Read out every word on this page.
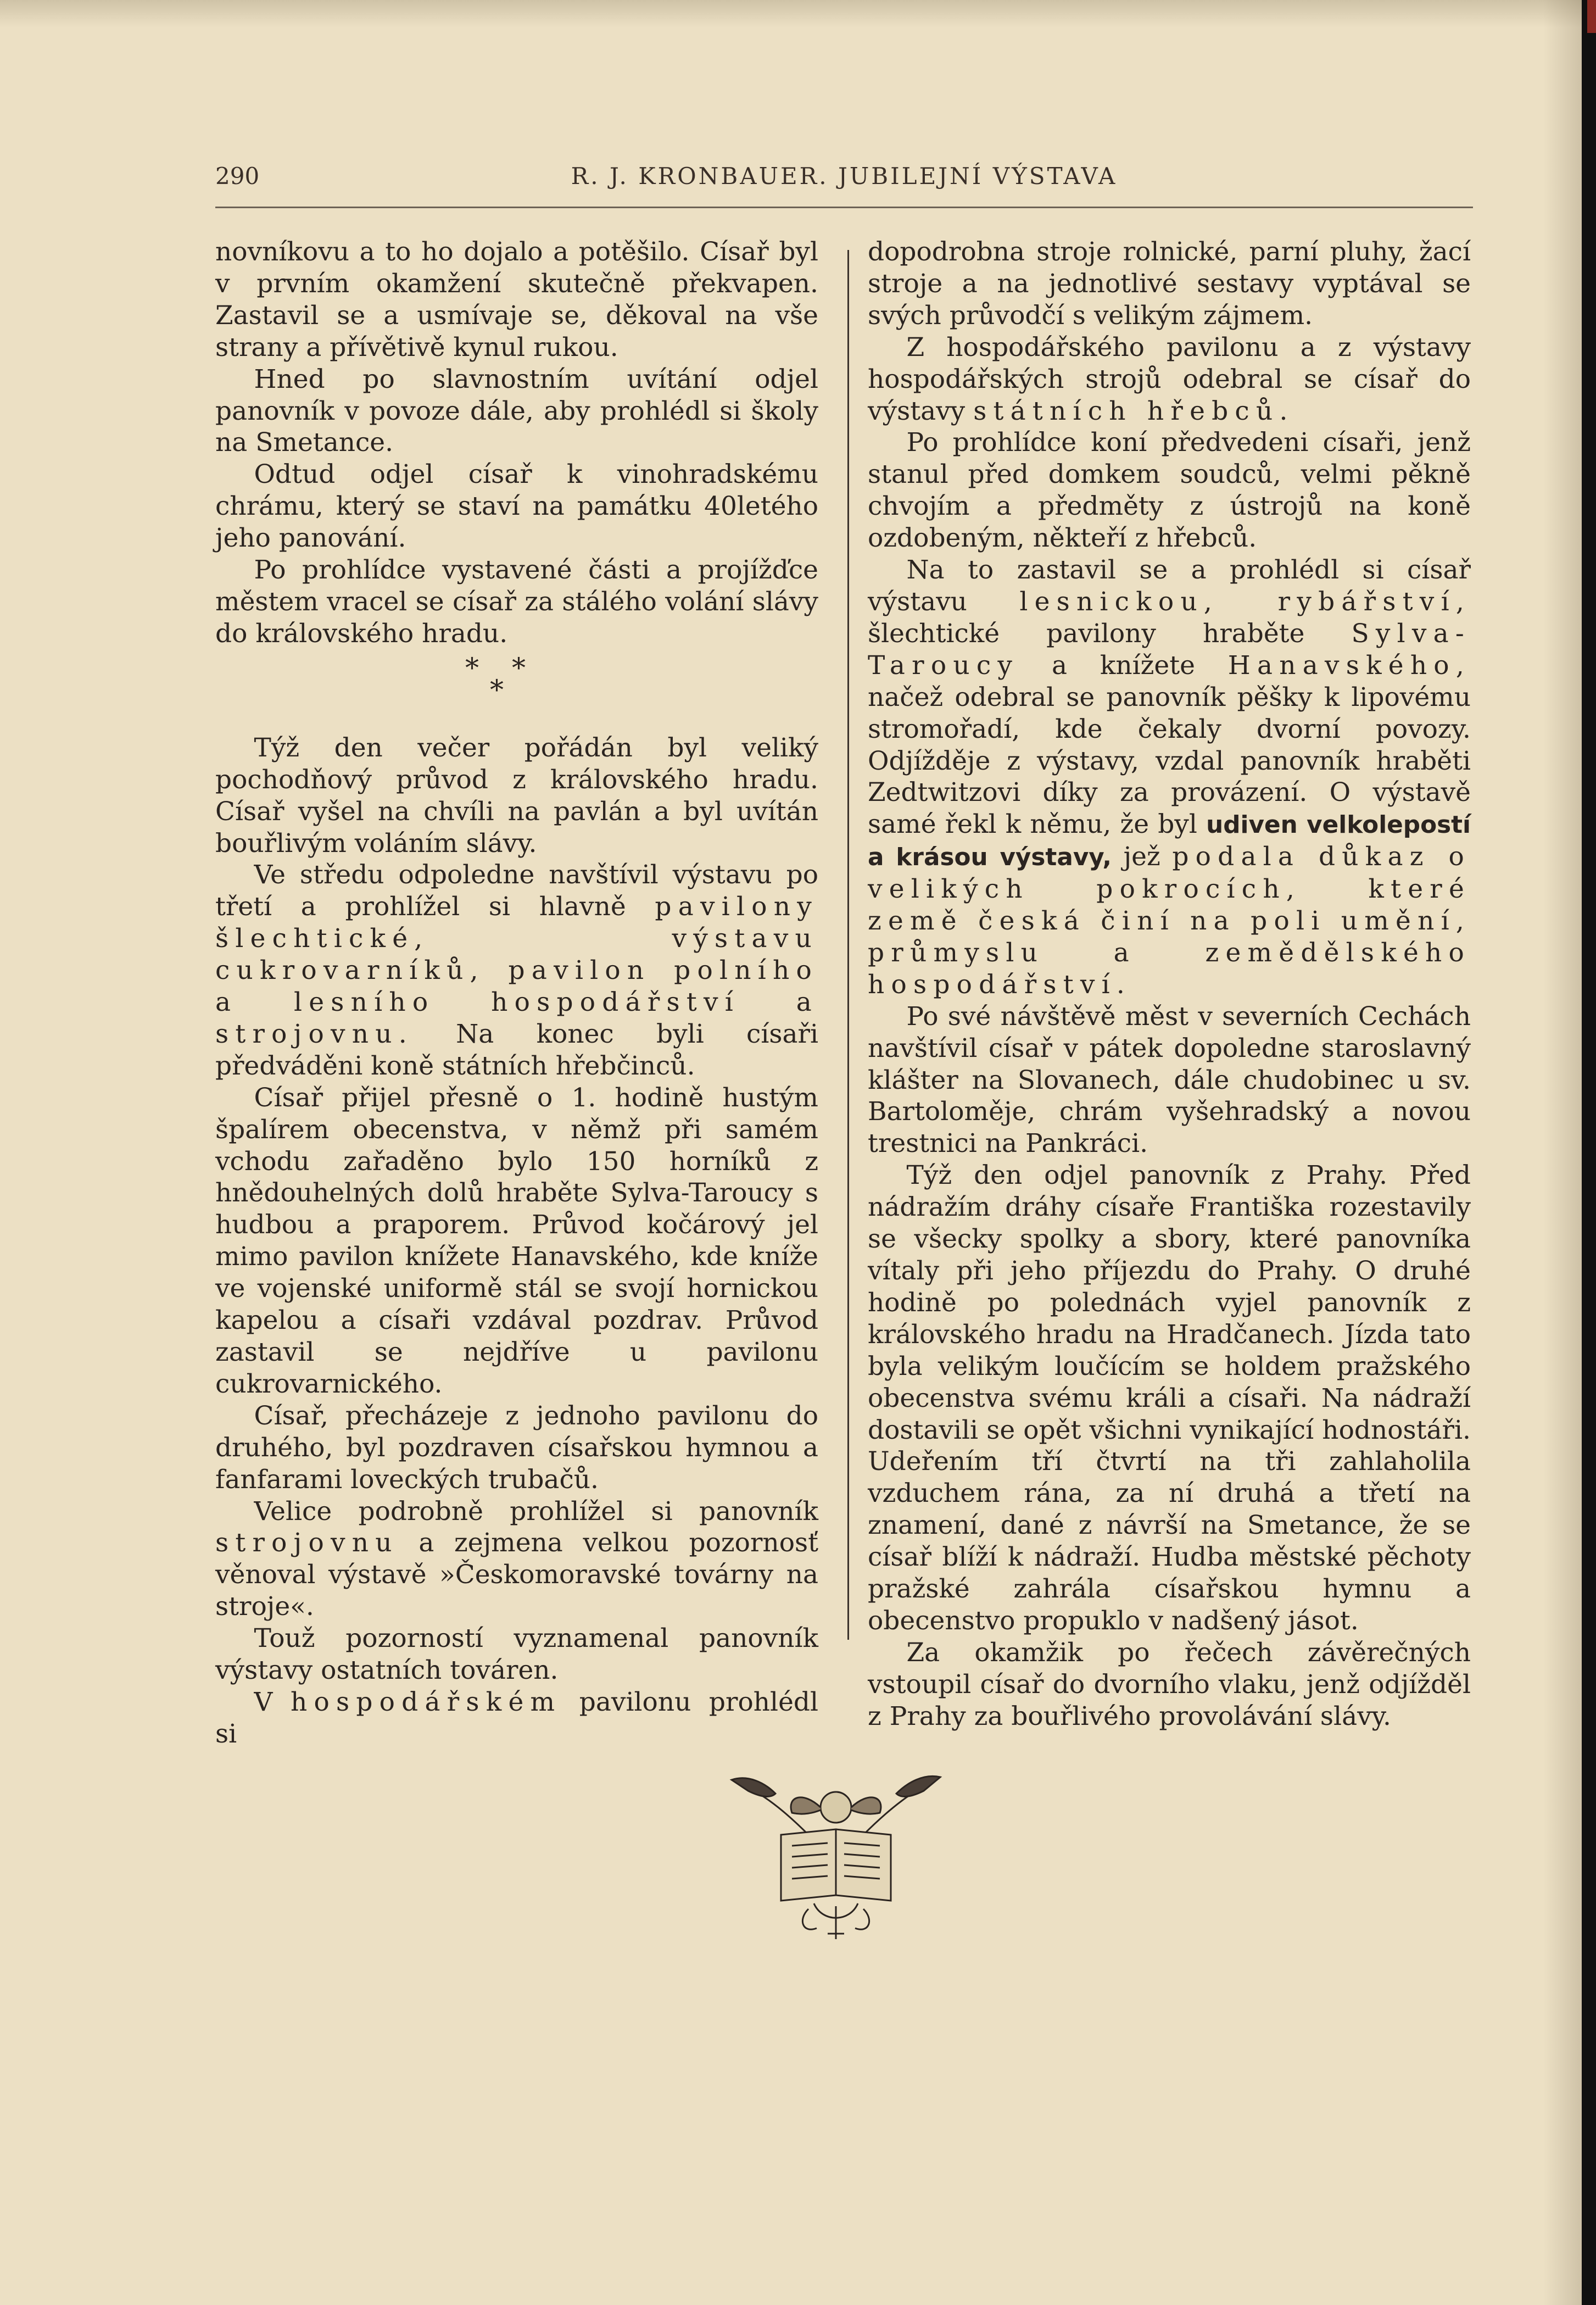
290	R. J. KRONBAUER. JUBILEJNÍ VÝSTAVA

novníkovu a to ho dojalo a potěšilo. Císař byl v prvním okamžení skutečně překvapen. Zastavil se a usmívaje se, děkoval na vše strany a přívětivě kynul rukou.

Hned po slavnostním uvítání odjel panovník v povoze dále, aby prohlédl si školy na Smetance.

Odtud odjel císař k vinohradskému chrámu, který se staví na památku 40letého jeho panování.

Po prohlídce vystavené části a projížďce městem vracel se císař za stálého volání slávy do královského hradu.

* *
*

Týž den večer pořádán byl veliký pochodňový průvod z královského hradu. Císař vyšel na chvíli na pavlán a byl uvítán bouřlivým voláním slávy.

Ve středu odpoledne navštívil výstavu po třetí a prohlížel si hlavně pavilony šlechtické, výstavu cukrovarníků, pavilon polního a lesního hospodářství a strojovnu. Na konec byli císaři předváděni koně státních hřebčinců.

Císař přijel přesně o 1. hodině hustým špalírem obecenstva, v němž při samém vchodu zařaděno bylo 150 horníků z hnědouhelných dolů hraběte Sylva-Taroucy s hudbou a praporem. Průvod kočárový jel mimo pavilon knížete Hanavského, kde kníže ve vojenské uniformě stál se svojí hornickou kapelou a císaři vzdával pozdrav. Průvod zastavil se nejdříve u pavilonu cukrovarnického.

Císař, přecházeje z jednoho pavilonu do druhého, byl pozdraven císařskou hymnou a fanfarami loveckých trubačů.

Velice podrobně prohlížel si panovník strojovnu a zejmena velkou pozornosť věnoval výstavě »Českomoravské továrny na stroje«.

Touž pozorností vyznamenal panovník výstavy ostatních továren.

V hospodářském pavilonu prohlédl si

dopodrobna stroje rolnické, parní pluhy, žací stroje a na jednotlivé sestavy vyptával se svých průvodčí s velikým zájmem.

Z hospodářského pavilonu a z výstavy hospodářských strojů odebral se císař do výstavy státních hřebců.

Po prohlídce koní předvedeni císaři, jenž stanul před domkem soudců, velmi pěkně chvojím a předměty z ústrojů na koně ozdobeným, někteří z hřebců.

Na to zastavil se a prohlédl si císař výstavu lesnickou, rybářství, šlechtické pavilony hraběte Sylva-Taroucy a knížete Hanavského, načež odebral se panovník pěšky k lipovému stromořadí, kde čekaly dvorní povozy. Odjížděje z výstavy, vzdal panovník hraběti Zedtwitzovi díky za provázení. O výstavě samé řekl k němu, že byl udiven velkolepostí a krásou výstavy, jež podala důkaz o velikých pokrocích, které země česká činí na poli umění, průmyslu a zemědělského hospodářství.

Po své návštěvě měst v severních Cechách navštívil císař v pátek dopoledne staroslavný klášter na Slovanech, dále chudobinec u sv. Bartoloměje, chrám vyšehradský a novou trestnici na Pankráci.

Týž den odjel panovník z Prahy. Před nádražím dráhy císaře Františka rozestavily se všecky spolky a sbory, které panovníka vítaly při jeho příjezdu do Prahy. O druhé hodině po polednách vyjel panovník z královského hradu na Hradčanech. Jízda tato byla velikým loučícím se holdem pražského obecenstva svému králi a císaři. Na nádraží dostavili se opět všichni vynikající hodnostáři. Udeřením tří čtvrtí na tři zahlaholila vzduchem rána, za ní druhá a třetí na znamení, dané z návrší na Smetance, že se císař blíží k nádraží. Hudba městské pěchoty pražské zahrála císařskou hymnu a obecenstvo propuklo v nadšený jásot.

Za okamžik po řečech závěrečných vstoupil císař do dvorního vlaku, jenž odjížděl z Prahy za bouřlivého provolávání slávy.
